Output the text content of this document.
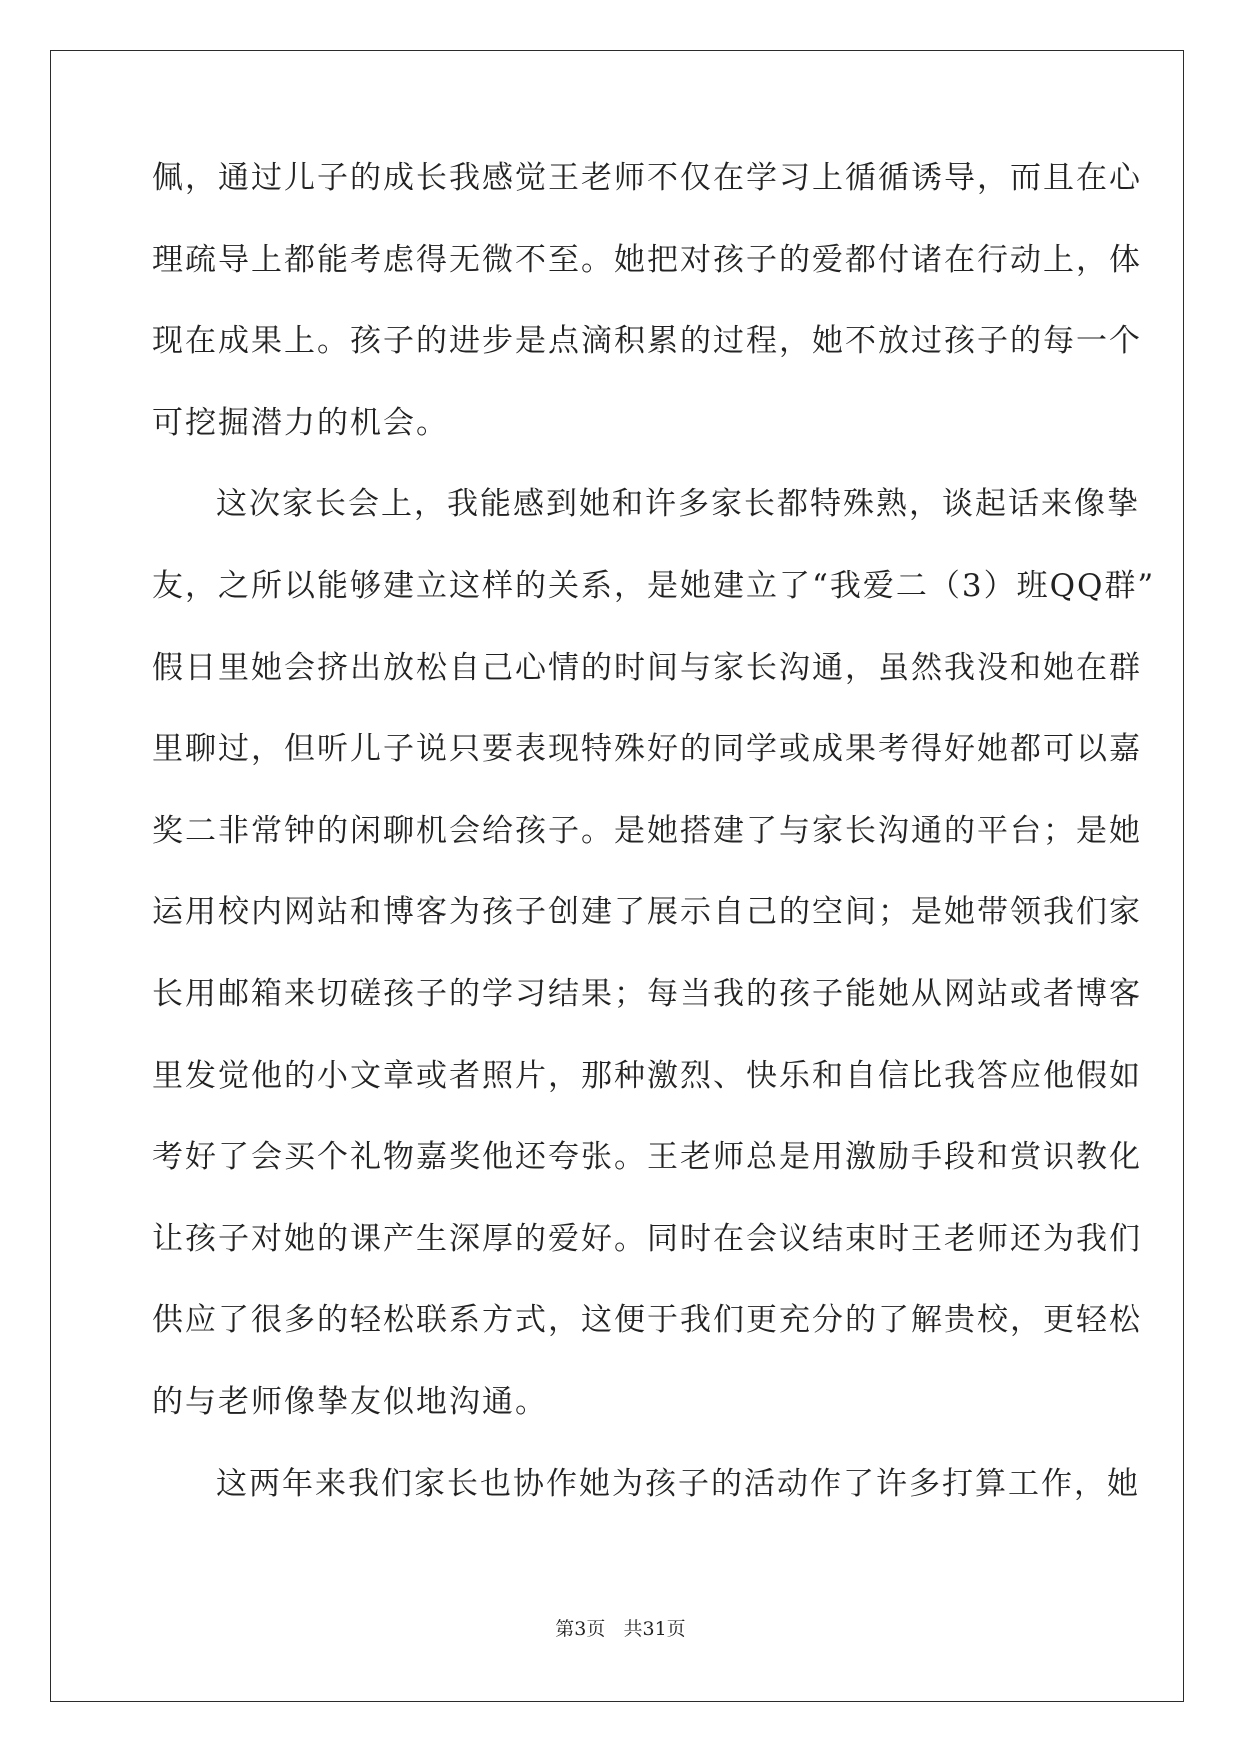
佩，通过儿子的成长我感觉王老师不仅在学习上循循诱导，而且在心

理疏导上都能考虑得无微不至。她把对孩子的爱都付诸在行动上，体

现在成果上。孩子的进步是点滴积累的过程，她不放过孩子的每一个

可挖掘潜力的机会。

这次家长会上，我能感到她和许多家长都特殊熟，谈起话来像挚

友，之所以能够建立这样的关系，是她建立了“我爱二（3）班QQ群”

假日里她会挤出放松自己心情的时间与家长沟通，虽然我没和她在群

里聊过，但听儿子说只要表现特殊好的同学或成果考得好她都可以嘉

奖二非常钟的闲聊机会给孩子。是她搭建了与家长沟通的平台；是她

运用校内网站和博客为孩子创建了展示自己的空间；是她带领我们家

长用邮箱来切磋孩子的学习结果；每当我的孩子能她从网站或者博客

里发觉他的小文章或者照片，那种激烈、快乐和自信比我答应他假如

考好了会买个礼物嘉奖他还夸张。王老师总是用激励手段和赏识教化

让孩子对她的课产生深厚的爱好。同时在会议结束时王老师还为我们

供应了很多的轻松联系方式，这便于我们更充分的了解贵校，更轻松

的与老师像挚友似地沟通。

这两年来我们家长也协作她为孩子的活动作了许多打算工作，她

第3页   共31页
